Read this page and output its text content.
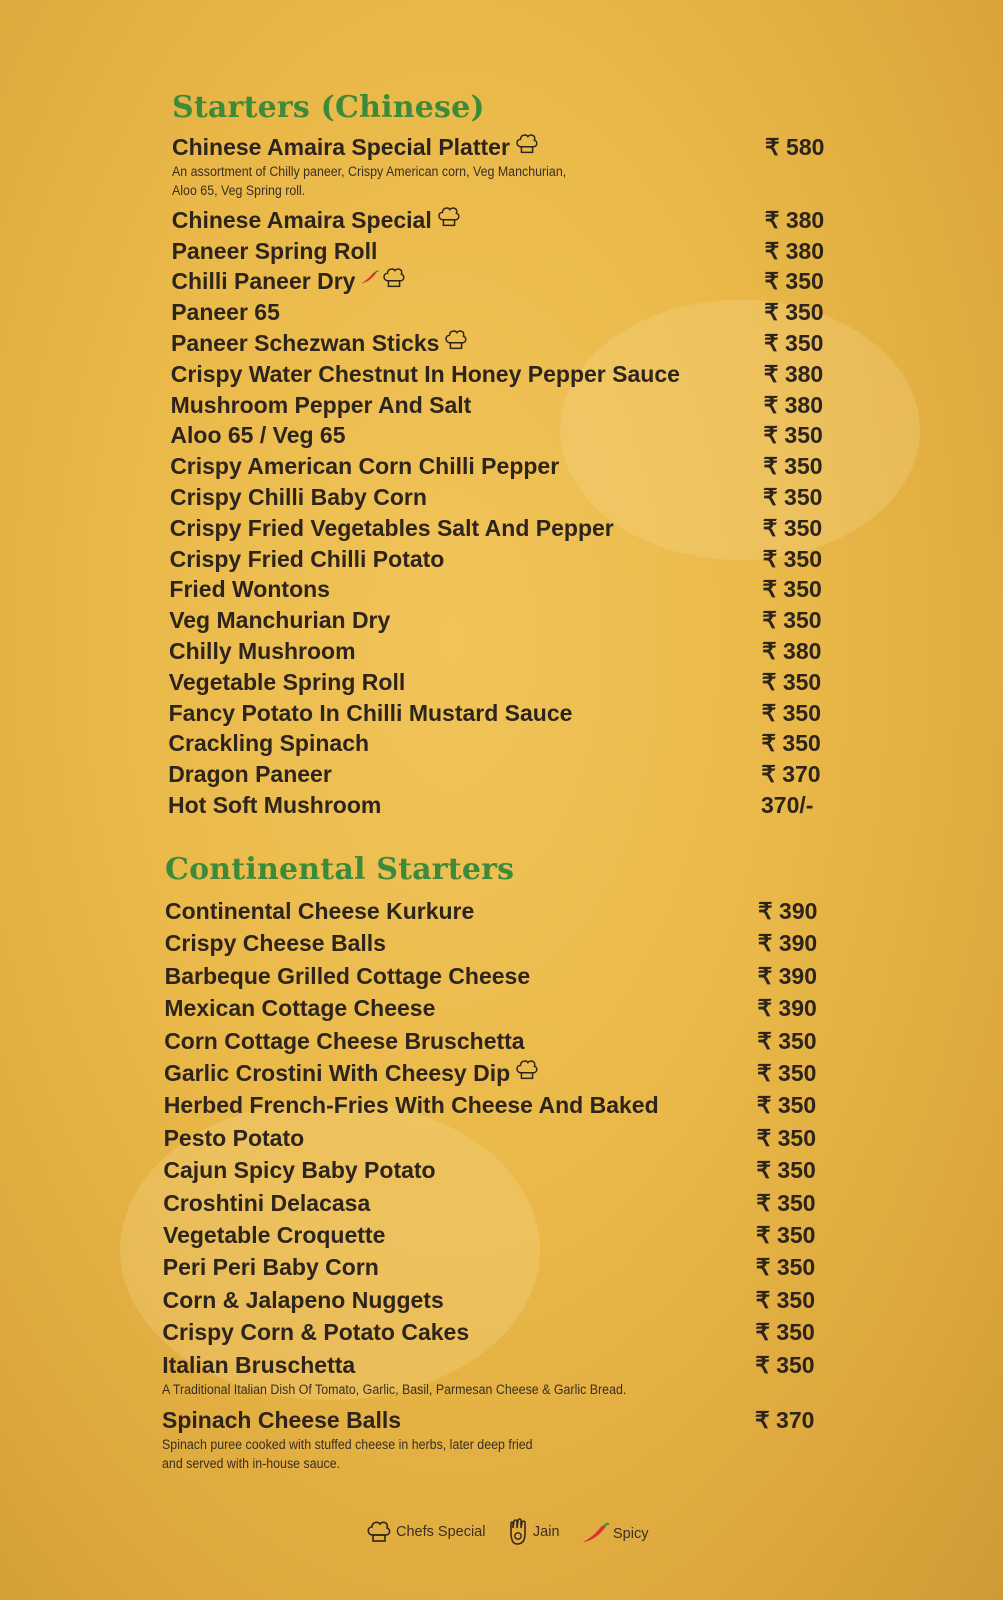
Starters (Chinese)
Chinese Amaira Special Platter	₹ 580
An assortment of Chilly paneer, Crispy American corn, Veg Manchurian,
Aloo 65, Veg Spring roll.
Chinese Amaira Special	₹ 380
Paneer Spring Roll	₹ 380
Chilli Paneer Dry	₹ 350
Paneer 65	₹ 350
Paneer Schezwan Sticks	₹ 350
Crispy Water Chestnut In Honey Pepper Sauce	₹ 380
Mushroom Pepper And Salt	₹ 380
Aloo 65 / Veg 65	₹ 350
Crispy American Corn Chilli Pepper	₹ 350
Crispy Chilli Baby Corn	₹ 350
Crispy Fried Vegetables Salt And Pepper	₹ 350
Crispy Fried Chilli Potato	₹ 350
Fried Wontons	₹ 350
Veg Manchurian Dry	₹ 350
Chilly Mushroom	₹ 380
Vegetable Spring Roll	₹ 350
Fancy Potato In Chilli Mustard Sauce	₹ 350
Crackling Spinach	₹ 350
Dragon Paneer	₹ 370
Hot Soft Mushroom	370/-
Continental Starters
Continental Cheese Kurkure	₹ 390
Crispy Cheese Balls	₹ 390
Barbeque Grilled Cottage Cheese	₹ 390
Mexican Cottage Cheese	₹ 390
Corn Cottage Cheese Bruschetta	₹ 350
Garlic Crostini With Cheesy Dip	₹ 350
Herbed French-Fries With Cheese And Baked	₹ 350
Pesto Potato	₹ 350
Cajun Spicy Baby Potato	₹ 350
Croshtini Delacasa	₹ 350
Vegetable Croquette	₹ 350
Peri Peri Baby Corn	₹ 350
Corn & Jalapeno Nuggets	₹ 350
Crispy Corn & Potato Cakes	₹ 350
Italian Bruschetta	₹ 350
A Traditional Italian Dish Of Tomato, Garlic, Basil, Parmesan Cheese & Garlic Bread.
Spinach Cheese Balls	₹ 370
Spinach puree cooked with stuffed cheese in herbs, later deep fried
and served with in-house sauce.
Chefs Special
	Jain
	Spicy
